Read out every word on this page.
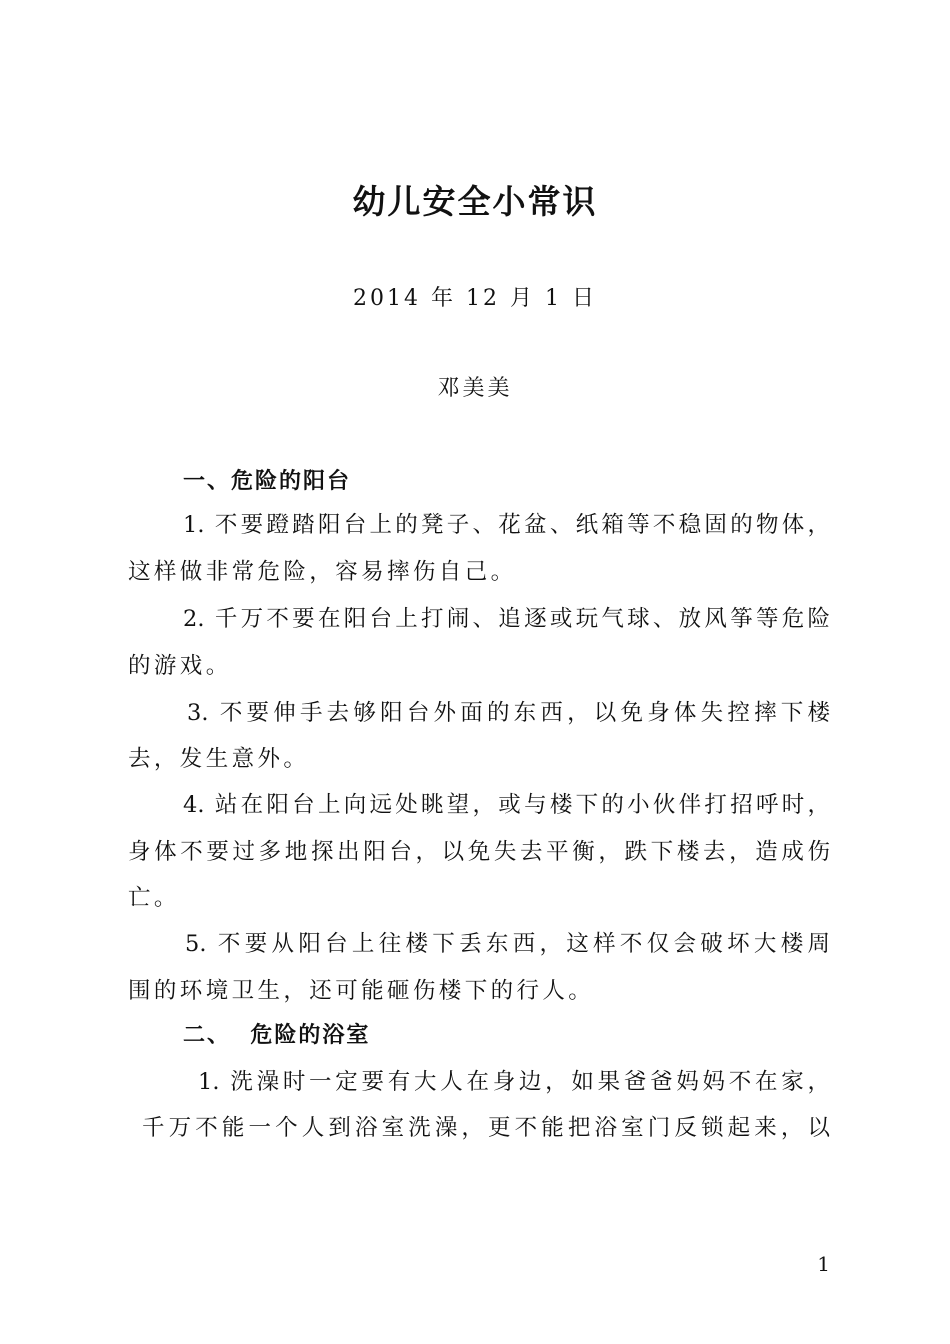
幼儿安全小常识
2014 年 12 月 1 日
邓美美
一、危险的阳台
1. 不要蹬踏阳台上的凳子、花盆、纸箱等不稳固的物体，
这样做非常危险，容易摔伤自己。
2. 千万不要在阳台上打闹、追逐或玩气球、放风筝等危险
的游戏。
3. 不要伸手去够阳台外面的东西，以免身体失控摔下楼
去，发生意外。
4. 站在阳台上向远处眺望，或与楼下的小伙伴打招呼时，
身体不要过多地探出阳台，以免失去平衡，跌下楼去，造成伤
亡。
5. 不要从阳台上往楼下丢东西，这样不仅会破坏大楼周
围的环境卫生，还可能砸伤楼下的行人。
二、  危险的浴室
1. 洗澡时一定要有大人在身边，如果爸爸妈妈不在家，
千万不能一个人到浴室洗澡，更不能把浴室门反锁起来，以
1
